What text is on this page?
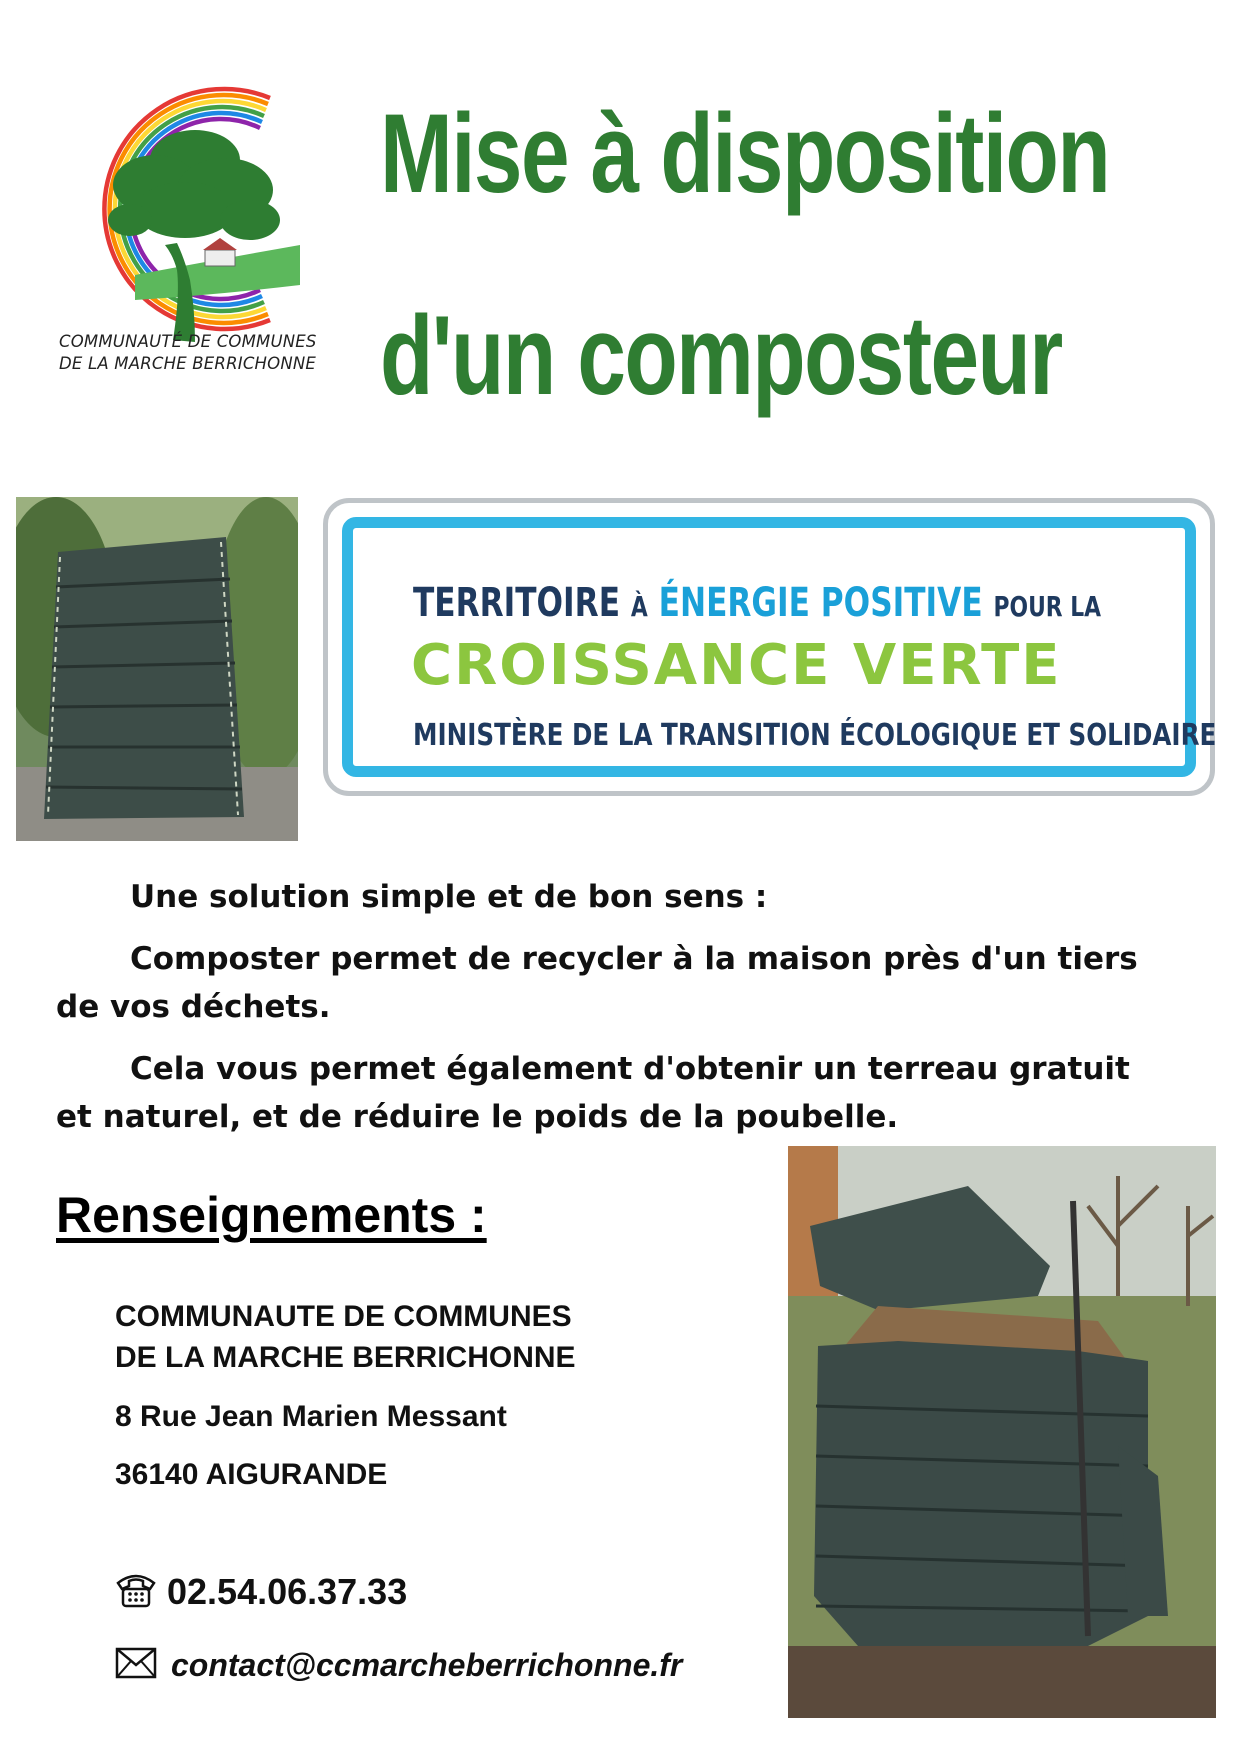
COMMUNAUTÉ DE COMMUNES
DE LA MARCHE BERRICHONNE
Mise à disposition
d'un composteur
TERRITOIRE À ÉNERGIE POSITIVE POUR LA
CROISSANCE VERTE
MINISTÈRE DE LA TRANSITION ÉCOLOGIQUE ET SOLIDAIRE
Une solution simple et de bon sens :
Composter permet de recycler à la maison près d'un tiers de vos déchets.
Cela vous permet également d'obtenir un terreau gratuit et naturel, et de réduire le poids de la poubelle.
Renseignements :
COMMUNAUTE DE COMMUNES
DE LA MARCHE BERRICHONNE
8 Rue Jean Marien Messant
36140 AIGURANDE
02.54.06.37.33
contact@ccmarcheberrichonne.fr
